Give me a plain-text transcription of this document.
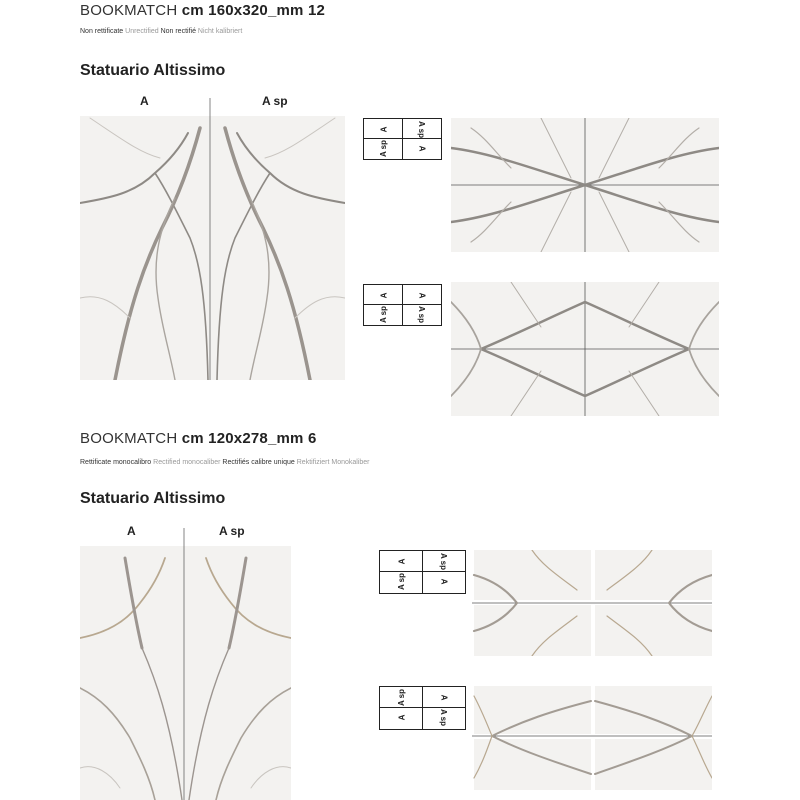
BOOKMATCH cm 160x320_mm 12
Non rettificate Unrectified Non rectifié Nicht kalibriert
Statuario Altissimo
A	A sp
A	A sp
A sp	A
A	A
A sp	A sp
BOOKMATCH cm 120x278_mm 6
Rettificate monocalibro Rectified monocaliber Rectifiés calibre unique Rektifiziert Monokaliber
Statuario Altissimo
A	A sp
A	A sp
A sp	A
A sp	A
A	A sp
